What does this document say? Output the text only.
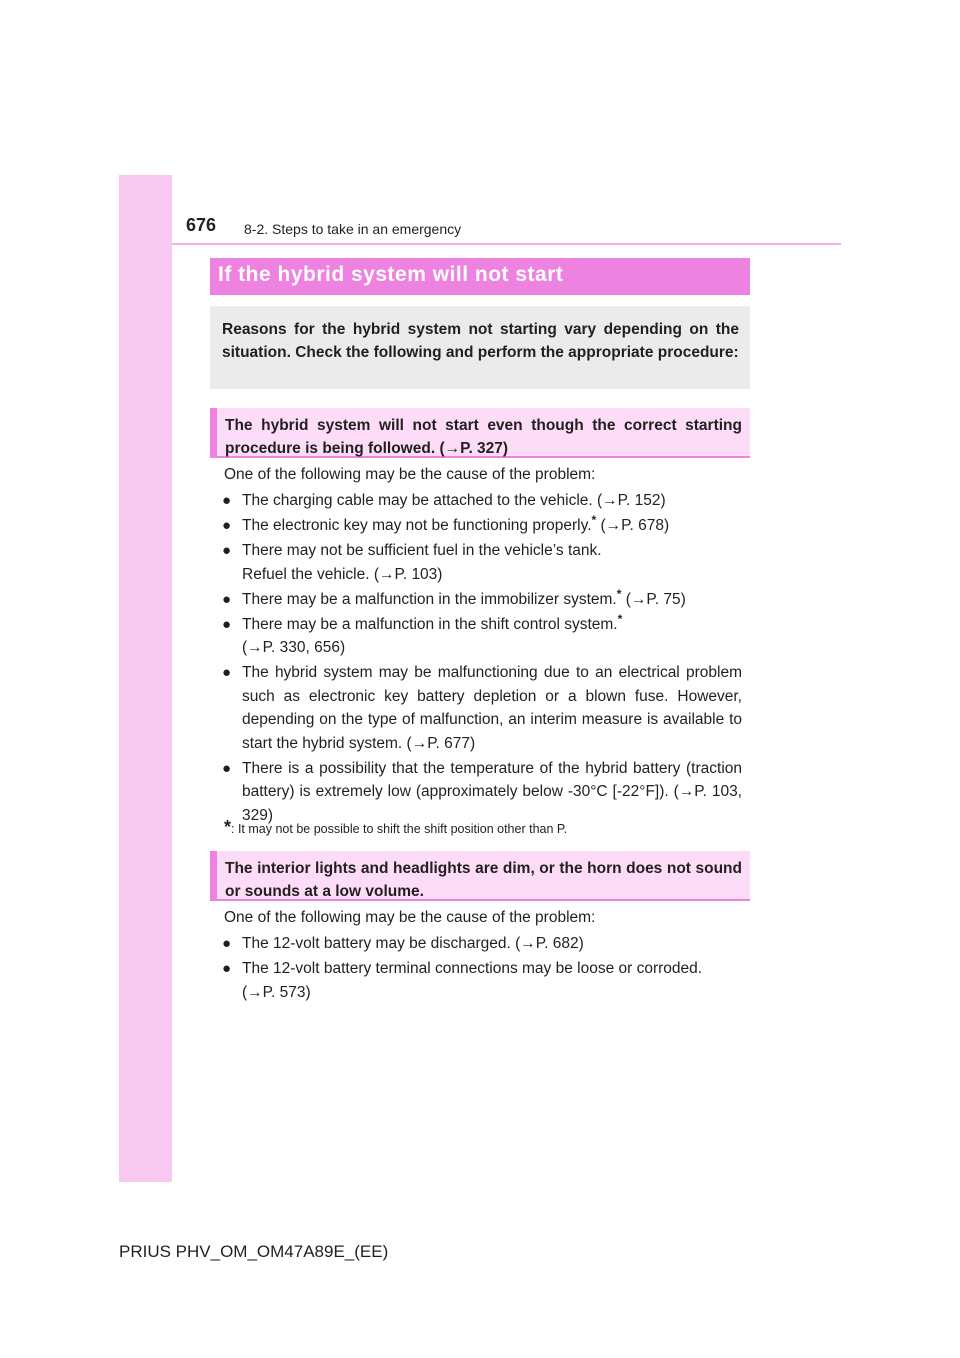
676 8-2. Steps to take in an emergency
If the hybrid system will not start
Reasons for the hybrid system not starting vary depending on the situation. Check the following and perform the appropriate procedure:
The hybrid system will not start even though the correct starting procedure is being followed. (→P. 327)
One of the following may be the cause of the problem:
● The charging cable may be attached to the vehicle. (→P. 152)
● The electronic key may not be functioning properly.* (→P. 678)
● There may not be sufficient fuel in the vehicle’s tank.
Refuel the vehicle. (→P. 103)
● There may be a malfunction in the immobilizer system.* (→P. 75)
● There may be a malfunction in the shift control system.*
(→P. 330, 656)
● The hybrid system may be malfunctioning due to an electrical problem such as electronic key battery depletion or a blown fuse. However, depending on the type of malfunction, an interim measure is available to start the hybrid system. (→P. 677)
● There is a possibility that the temperature of the hybrid battery (traction battery) is extremely low (approximately below -30°C [-22°F]). (→P. 103, 329)
*: It may not be possible to shift the shift position other than P.
The interior lights and headlights are dim, or the horn does not sound or sounds at a low volume.
One of the following may be the cause of the problem:
● The 12-volt battery may be discharged. (→P. 682)
● The 12-volt battery terminal connections may be loose or corroded.
(→P. 573)
PRIUS PHV_OM_OM47A89E_(EE)
